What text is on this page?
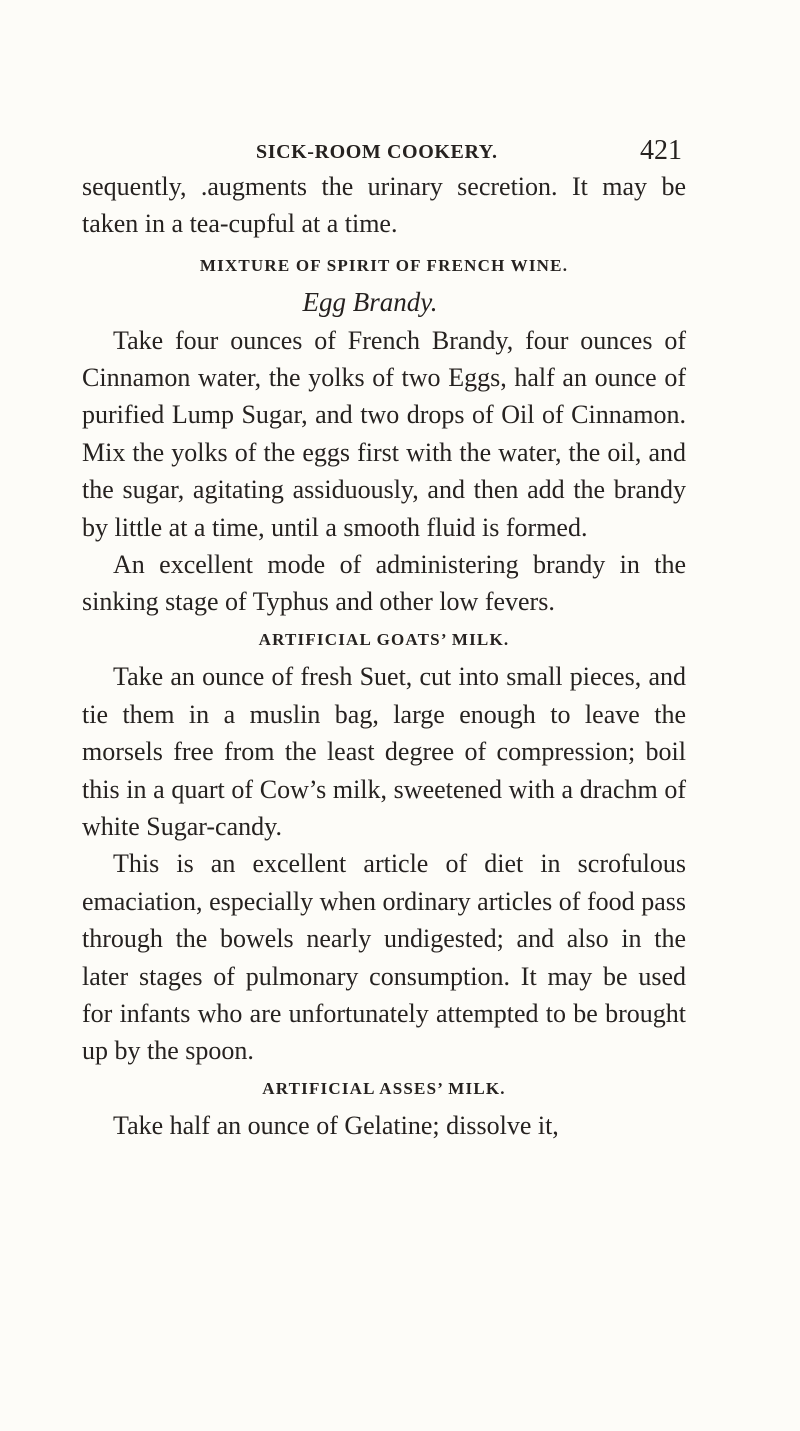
SICK-ROOM COOKERY.	421

sequently, .augments the urinary secretion. It may be taken in a tea-cupful at a time.

MIXTURE OF SPIRIT OF FRENCH WINE.

Egg Brandy.

Take four ounces of French Brandy, four ounces of Cinnamon water, the yolks of two Eggs, half an ounce of purified Lump Sugar, and two drops of Oil of Cinnamon. Mix the yolks of the eggs first with the water, the oil, and the sugar, agitating assiduously, and then add the brandy by little at a time, until a smooth fluid is formed.

An excellent mode of administering brandy in the sinking stage of Typhus and other low fevers.

ARTIFICIAL GOATS’ MILK.

Take an ounce of fresh Suet, cut into small pieces, and tie them in a muslin bag, large enough to leave the morsels free from the least degree of compression; boil this in a quart of Cow’s milk, sweetened with a drachm of white Sugar-candy.

This is an excellent article of diet in scrofulous emaciation, especially when ordinary articles of food pass through the bowels nearly undigested; and also in the later stages of pulmonary consumption. It may be used for infants who are unfortunately attempted to be brought up by the spoon.

ARTIFICIAL ASSES’ MILK.

Take half an ounce of Gelatine; dissolve it,
